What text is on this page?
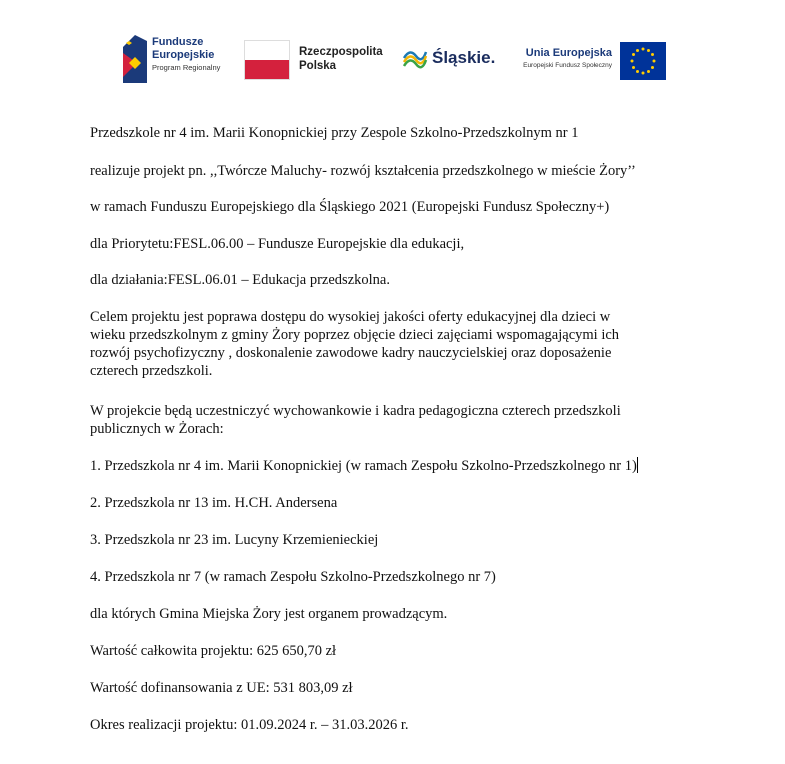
Fundusze
Europejskie
Program Regionalny
Rzeczpospolita
Polska	Śląskie.	Unia Europejska
Europejski Fundusz Społeczny

Przedszkole nr 4 im. Marii Konopnickiej przy Zespole Szkolno-Przedszkolnym nr 1

realizuje projekt pn. ,,Twórcze Maluchy- rozwój kształcenia przedszkolnego w mieście Żory’’

w ramach Funduszu Europejskiego dla Śląskiego 2021 (Europejski Fundusz Społeczny+)

dla Priorytetu:FESL.06.00 – Fundusze Europejskie dla edukacji,

dla działania:FESL.06.01 – Edukacja przedszkolna.

Celem projektu jest poprawa dostępu do wysokiej jakości oferty edukacyjnej dla dzieci w
wieku przedszkolnym z gminy Żory poprzez objęcie dzieci zajęciami wspomagającymi ich
rozwój psychofizyczny , doskonalenie zawodowe kadry nauczycielskiej oraz doposażenie
czterech przedszkoli.
W projekcie będą uczestniczyć wychowankowie i kadra pedagogiczna czterech przedszkoli
publicznych w Żorach:

1. Przedszkola nr 4 im. Marii Konopnickiej (w ramach Zespołu Szkolno-Przedszkolnego nr 1)

2. Przedszkola nr 13 im. H.CH. Andersena

3. Przedszkola nr 23 im. Lucyny Krzemienieckiej

4. Przedszkola nr 7 (w ramach Zespołu Szkolno-Przedszkolnego nr 7)

dla których Gmina Miejska Żory jest organem prowadzącym.

Wartość całkowita projektu: 625 650,70 zł

Wartość dofinansowania z UE: 531 803,09 zł

Okres realizacji projektu: 01.09.2024 r. – 31.03.2026 r.
